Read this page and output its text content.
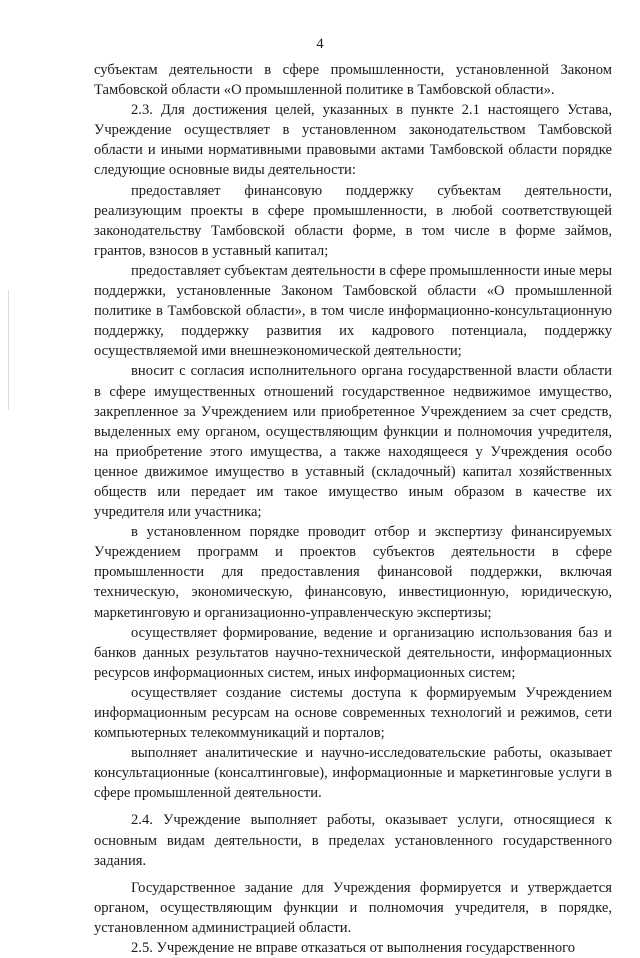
4

субъектам деятельности в сфере промышленности, установленной Законом Тамбовской области «О промышленной политике в Тамбовской области».

2.3. Для достижения целей, указанных в пункте 2.1 настоящего Устава, Учреждение осуществляет в установленном законодательством Тамбовской области и иными нормативными правовыми актами Тамбовской области порядке следующие основные виды деятельности:

предоставляет финансовую поддержку субъектам деятельности, реализующим проекты в сфере промышленности, в любой соответствующей законодательству Тамбовской области форме, в том числе в форме займов, грантов, взносов в уставный капитал;

предоставляет субъектам деятельности в сфере промышленности иные меры поддержки, установленные Законом Тамбовской области «О промышленной политике в Тамбовской области», в том числе информационно-консультационную поддержку, поддержку развития их кадрового потенциала, поддержку осуществляемой ими внешнеэкономической деятельности;

вносит с согласия исполнительного органа государственной власти области в сфере имущественных отношений государственное недвижимое имущество, закрепленное за Учреждением или приобретенное Учреждением за счет средств, выделенных ему органом, осуществляющим функции и полномочия учредителя, на приобретение этого имущества, а также находящееся у Учреждения особо ценное движимое имущество в уставный (складочный) капитал хозяйственных обществ или передает им такое имущество иным образом в качестве их учредителя или участника;

в установленном порядке проводит отбор и экспертизу финансируемых Учреждением программ и проектов субъектов деятельности в сфере промышленности для предоставления финансовой поддержки, включая техническую, экономическую, финансовую, инвестиционную, юридическую, маркетинговую и организационно-управленческую экспертизы;

осуществляет формирование, ведение и организацию использования баз и банков данных результатов научно-технической деятельности, информационных ресурсов информационных систем, иных информационных систем;

осуществляет создание системы доступа к формируемым Учреждением информационным ресурсам на основе современных технологий и режимов, сети компьютерных телекоммуникаций и порталов;

выполняет аналитические и научно-исследовательские работы, оказывает консультационные (консалтинговые), информационные и маркетинговые услуги в сфере промышленной деятельности.

2.4. Учреждение выполняет работы, оказывает услуги, относящиеся к основным видам деятельности, в пределах установленного государственного задания.

Государственное задание для Учреждения формируется и утверждается органом, осуществляющим функции и полномочия учредителя, в порядке, установленном администрацией области.

2.5. Учреждение не вправе отказаться от выполнения государственного
